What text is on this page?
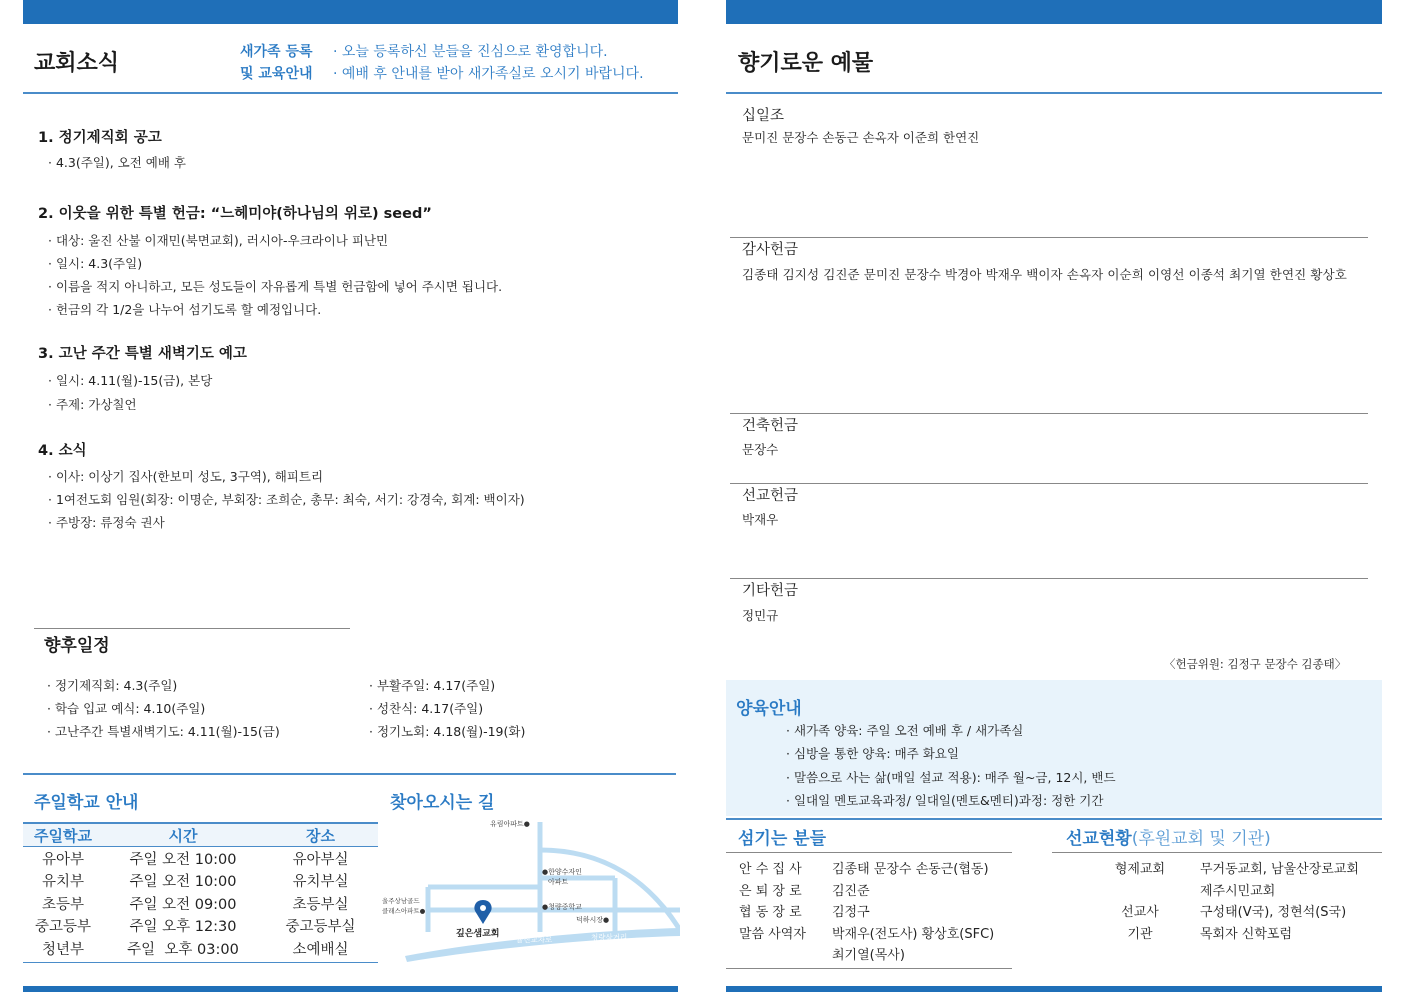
교회소식	새가족 등록
및 교육안내
· 오늘 등록하신 분들을 진심으로 환영합니다.
· 예배 후 안내를 받아 새가족실로 오시기 바랍니다.
1. 정기제직회 공고
· 4.3(주일), 오전 예배 후
2. 이웃을 위한 특별 헌금: “느헤미야(하나님의 위로) seed”
· 대상: 울진 산불 이재민(북면교회), 러시아-우크라이나 피난민
· 일시: 4.3(주일)
· 이름을 적지 아니하고, 모든 성도들이 자유롭게 특별 헌금함에 넣어 주시면 됩니다.
· 헌금의 각 1/2을 나누어 섬기도록 할 예정입니다.
3. 고난 주간 특별 새벽기도 예고
· 일시: 4.11(월)-15(금), 본당
· 주제: 가상칠언
4. 소식
· 이사: 이상기 집사(한보미 성도, 3구역), 해피트리
· 1여전도회 임원(회장: 이명순, 부회장: 조희순, 총무: 최숙, 서기: 강경숙, 회계: 백이자)
· 주방장: 류정숙 권사
향후일정
· 정기제직회: 4.3(주일)
· 학습 입교 예식: 4.10(주일)
· 고난주간 특별새벽기도: 4.11(월)-15(금)
· 부활주일: 4.17(주일)
· 성찬식: 4.17(주일)
· 정기노회: 4.18(월)-19(화)
주일학교 안내
주일학교	시간	장소
유아부	주일 오전 10:00	유아부실
유치부	주일 오전 10:00	유치부실
초등부	주일 오전 09:00	초등부실
중고등부	주일 오후 12:30	중고등부실
청년부	주일  오후 03:00	소예배실
찾아오시는 길
유림아파트●
●한양수자인
아파트
●청량중학교
덕하시장●
울주상남골드
클래스아파트●
깊은샘교회
율진교차로	청량삼거리
향기로운 예물
십일조
문미진 문장수 손동근 손옥자 이준희 한연진
감사헌금
김종태 김지성 김진준 문미진 문장수 박경아 박재우 백이자 손옥자 이순희 이영선 이종석 최기열 한연진 황상호
건축헌금
문장수
선교헌금
박재우
기타헌금
정민규
〈헌금위원: 김정구 문장수 김종태〉
양육안내
· 새가족 양육: 주일 오전 예배 후 / 새가족실
· 심방을 통한 양육: 매주 화요일
· 말씀으로 사는 삶(매일 설교 적용): 매주 월~금, 12시, 밴드
· 일대일 멘토교육과정/ 일대일(멘토&멘티)과정: 정한 기간
섬기는 분들
안 수 집 사	김종태 문장수 손동근(협동)
은 퇴 장 로	김진준
협 동 장 로	김정구
말씀 사역자	박재우(전도사) 황상호(SFC)
최기열(목사)
선교현황(후원교회 및 기관)
형제교회	무거동교회, 남울산장로교회
제주시민교회
선교사	구성태(V국), 정현석(S국)
기관	목회자 신학포럼
